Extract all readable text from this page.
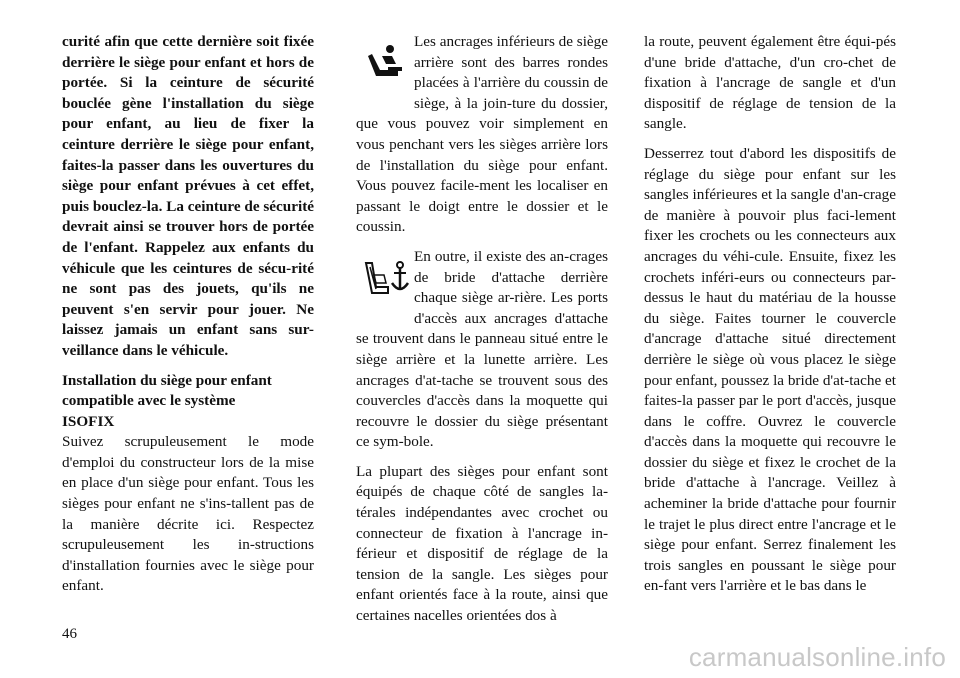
curité afin que cette dernière soit fixée derrière le siège pour enfant et hors de portée. Si la ceinture de sécurité bouclée gène l'installation du siège pour enfant, au lieu de fixer la ceinture derrière le siège pour enfant, faites-la passer dans les ouvertures du siège pour enfant prévues à cet effet, puis bouclez-la. La ceinture de sécurité devrait ainsi se trouver hors de portée de l'enfant. Rappelez aux enfants du véhicule que les ceintures de sécu-rité ne sont pas des jouets, qu'ils ne peuvent s'en servir pour jouer. Ne laissez jamais un enfant sans sur-veillance dans le véhicule.

Installation du siège pour enfant
compatible avec le système
ISOFIX

Suivez scrupuleusement le mode d'emploi du constructeur lors de la mise en place d'un siège pour enfant. Tous les sièges pour enfant ne s'ins-tallent pas de la manière décrite ici. Respectez scrupuleusement les in-structions d'installation fournies avec le siège pour enfant.

Les ancrages inférieurs de siège arrière sont des barres rondes placées à l'arrière du coussin de siège, à la join-ture du dossier, que vous pouvez voir simplement en vous penchant vers les sièges arrière lors de l'installation du siège pour enfant. Vous pouvez facile-ment les localiser en passant le doigt entre le dossier et le coussin.
En outre, il existe des an-crages de bride d'attache derrière chaque siège ar-rière. Les ports d'accès aux ancrages d'attache se trouvent dans le panneau situé entre le siège arrière et la lunette arrière. Les ancrages d'at-tache se trouvent sous des couvercles d'accès dans la moquette qui recouvre le dossier du siège présentant ce sym-bole.

La plupart des sièges pour enfant sont équipés de chaque côté de sangles la-térales indépendantes avec crochet ou connecteur de fixation à l'ancrage in-férieur et dispositif de réglage de la tension de la sangle. Les sièges pour enfant orientés face à la route, ainsi que certaines nacelles orientées dos à

la route, peuvent également être équi-pés d'une bride d'attache, d'un cro-chet de fixation à l'ancrage de sangle et d'un dispositif de réglage de tension de la sangle.

Desserrez tout d'abord les dispositifs de réglage du siège pour enfant sur les sangles inférieures et la sangle d'an-crage de manière à pouvoir plus faci-lement fixer les crochets ou les connecteurs aux ancrages du véhi-cule. Ensuite, fixez les crochets inféri-eurs ou connecteurs par-dessus le haut du matériau de la housse du siège. Faites tourner le couvercle d'ancrage d'attache situé directement derrière le siège où vous placez le siège pour enfant, poussez la bride d'at-tache et faites-la passer par le port d'accès, jusque dans le coffre. Ouvrez le couvercle d'accès dans la moquette qui recouvre le dossier du siège et fixez le crochet de la bride d'attache à l'ancrage. Veillez à acheminer la bride d'attache pour fournir le trajet le plus direct entre l'ancrage et le siège pour enfant. Serrez finalement les trois sangles en poussant le siège pour en-fant vers l'arrière et le bas dans le

46
carmanualsonline.info
